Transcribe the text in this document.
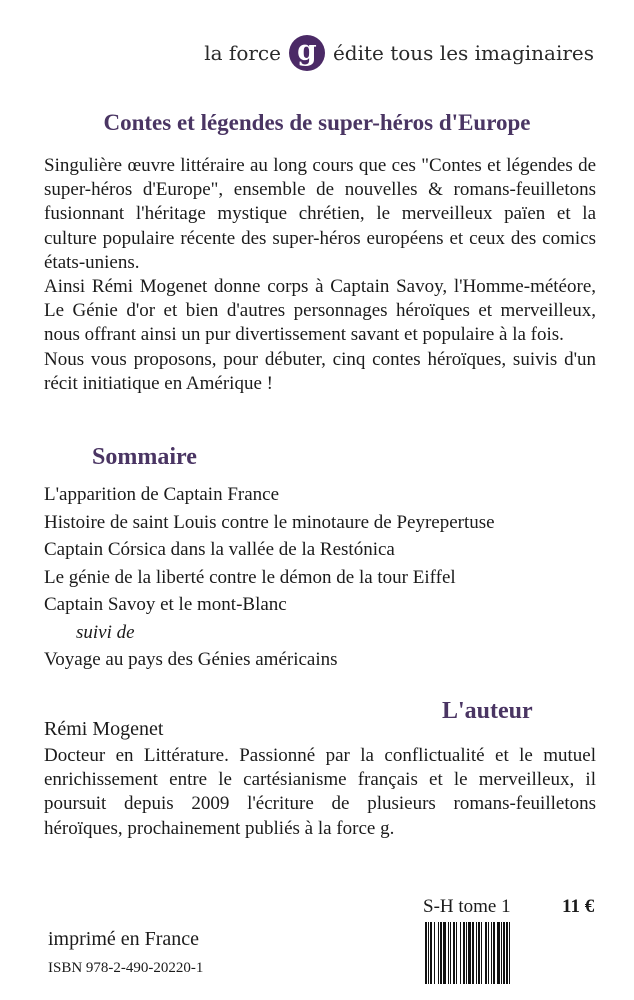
la force g édite tous les imaginaires
Contes et légendes de super-héros d'Europe

Singulière œuvre littéraire au long cours que ces "Contes et légendes de super-héros d'Europe", ensemble de nouvelles & romans-feuilletons fusionnant l'héritage mystique chrétien, le merveilleux païen et la culture populaire récente des super-héros européens et ceux des comics états-uniens.

Ainsi Rémi Mogenet donne corps à Captain Savoy, l'Homme-météore, Le Génie d'or et bien d'autres personnages héroïques et merveilleux, nous offrant ainsi un pur divertissement savant et populaire à la fois.

Nous vous proposons, pour débuter, cinq contes héroïques, suivis d'un récit initiatique en Amérique !

Sommaire
L'apparition de Captain France
Histoire de saint Louis contre le minotaure de Peyrepertuse
Captain Córsica dans la vallée de la Restónica
Le génie de la liberté contre le démon de la tour Eiffel
Captain Savoy et le mont-Blanc
suivi de
Voyage au pays des Génies américains
L'auteur
Rémi Mogenet

Docteur en Littérature. Passionné par la conflictualité et le mutuel enrichissement entre le cartésianisme français et le merveilleux, il poursuit depuis 2009 l'écriture de plusieurs romans-feuilletons héroïques, prochainement publiés à la force g.

S-H tome 1	11 €
imprimé en France
ISBN 978-2-490-20220-1
